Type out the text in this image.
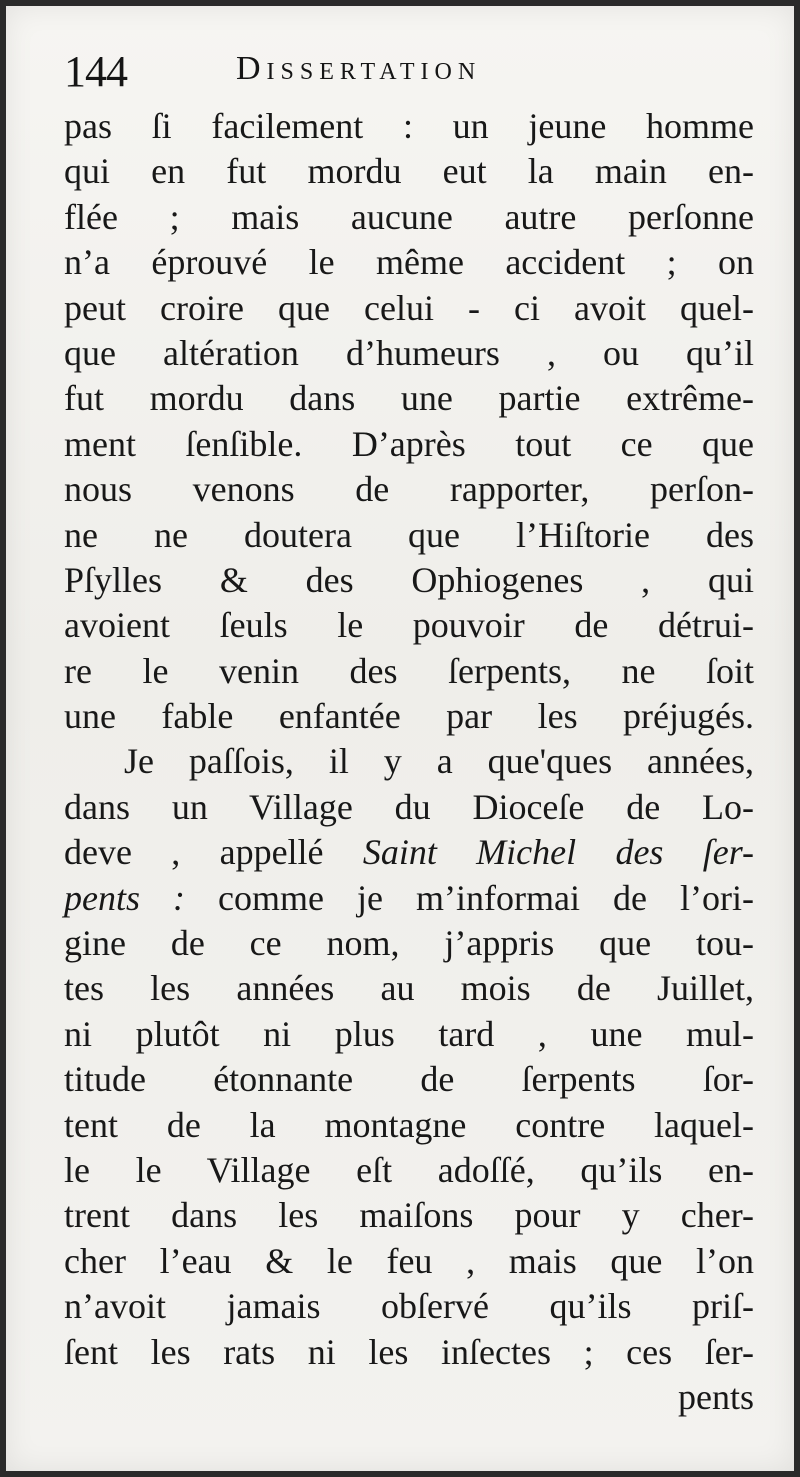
144	Dissertation
pas ſi facilement : un jeune homme
qui en fut mordu eut la main en-
flée ; mais aucune autre perſonne
n’a éprouvé le même accident ; on
peut croire que celui - ci avoit quel-
que altération d’humeurs , ou qu’il
fut mordu dans une partie extrême-
ment ſenſible. D’après tout ce que
nous venons de rapporter, perſon-
ne ne doutera que l’Hiſtorie des
Pſylles & des Ophiogenes , qui
avoient ſeuls le pouvoir de détrui-
re le venin des ſerpents, ne ſoit
une fable enfantée par les préjugés.
Je paſſois, il y a que'ques années,
dans un Village du Dioceſe de Lo-
deve , appellé Saint Michel des ſer-
pents : comme je m’informai de l’ori-
gine de ce nom, j’appris que tou-
tes les années au mois de Juillet,
ni plutôt ni plus tard , une mul-
titude étonnante de ſerpents ſor-
tent de la montagne contre laquel-
le le Village eſt adoſſé, qu’ils en-
trent dans les maiſons pour y cher-
cher l’eau & le feu , mais que l’on
n’avoit jamais obſervé qu’ils priſ-
ſent les rats ni les inſectes ; ces ſer-
pents
